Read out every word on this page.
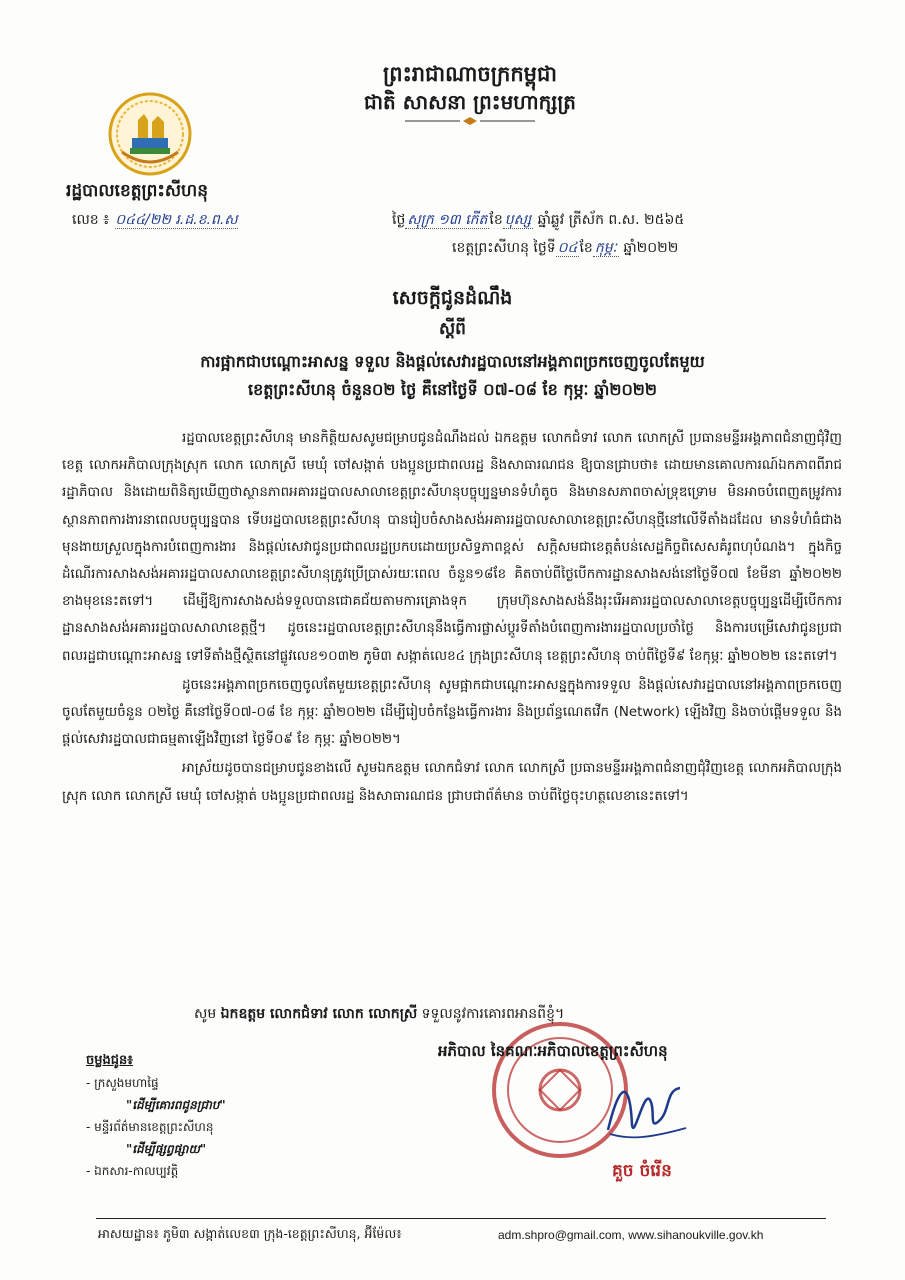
ព្រះរាជាណាចក្រកម្ពុជា
ជាតិ សាសនា ព្រះមហាក្សត្រ
រដ្ឋបាលខេត្តព្រះសីហនុ
លេខ ៖ ០៤៤/២២ រ.ដ.ខ.ព.ស	ថ្ងៃ សុក្រ ១៣ កើត ខែ បុស្ស ឆ្នាំឆ្លូវ ត្រីស័ក ព.ស. ២៥៦៥
ខេត្តព្រះសីហនុ ថ្ងៃទី ០៤ ខែ កុម្ភៈ ឆ្នាំ២០២២
សេចក្តីជូនដំណឹង
ស្តីពី
ការផ្អាកជាបណ្តោះអាសន្ន ទទួល និងផ្តល់សេវារដ្ឋបាលនៅអង្គភាពច្រកចេញចូលតែមួយ
ខេត្តព្រះសីហនុ ចំនួន០២ ថ្ងៃ គឺនៅថ្ងៃទី ០៧-០៨ ខែ កុម្ភៈ ឆ្នាំ២០២២

រដ្ឋបាលខេត្តព្រះសីហនុ មានកិត្តិយសសូមជម្រាបជូនដំណឹងដល់ ឯកឧត្តម លោកជំទាវ លោក លោកស្រី ប្រធានមន្ទីរអង្គភាពជំនាញជុំវិញខេត្ត លោកអភិបាលក្រុងស្រុក លោក លោកស្រី មេឃុំ ចៅសង្កាត់ បងប្អូនប្រជាពលរដ្ឋ និងសាធារណជន ឱ្យបានជ្រាបថា៖ ដោយមានគោលការណ៍ឯកភាពពីរាជរដ្ឋាភិបាល និងដោយពិនិត្យឃើញថាស្ថានភាពអគាររដ្ឋបាលសាលាខេត្តព្រះសីហនុបច្ចុប្បន្នមានទំហំតូច និងមានសភាពចាស់ទ្រុឌទ្រោម មិនអាចបំពេញតម្រូវការស្ថានភាពការងារនាពេលបច្ចុប្បន្នបាន ទើបរដ្ឋបាលខេត្តព្រះសីហនុ បានរៀបចំសាងសង់អគាររដ្ឋបាលសាលាខេត្តព្រះសីហនុថ្មីនៅលើទីតាំងដដែល មានទំហំធំជាងមុនងាយស្រួលក្នុងការបំពេញការងារ និងផ្តល់សេវាជូនប្រជាពលរដ្ឋប្រកបដោយប្រសិទ្ធភាពខ្ពស់ សក្តិសមជាខេត្តតំបន់សេដ្ឋកិច្ចពិសេសគំរូពហុបំណង។ ក្នុងកិច្ចដំណើរការសាងសង់អគាររដ្ឋបាលសាលាខេត្តព្រះសីហនុត្រូវប្រើប្រាស់រយៈពេល ចំនួន១៨ខែ គិតចាប់ពីថ្ងៃបើកការដ្ឋានសាងសង់នៅថ្ងៃទី០៧ ខែមីនា ឆ្នាំ២០២២ ខាងមុខនេះតទៅ។ ដើម្បីឱ្យការសាងសង់ទទួលបានជោគជ័យតាមការគ្រោងទុក ក្រុមហ៊ុនសាងសង់នឹងរុះរើអគាររដ្ឋបាលសាលាខេត្តបច្ចុប្បន្នដើម្បីបើកការដ្ឋានសាងសង់អគាររដ្ឋបាលសាលាខេត្តថ្មី។ ដូចនេះរដ្ឋបាលខេត្តព្រះសីហនុនឹងធ្វើការផ្លាស់ប្តូរទីតាំងបំពេញការងាររដ្ឋបាលប្រចាំថ្ងៃ និងការបម្រើសេវាជូនប្រជាពលរដ្ឋជាបណ្តោះអាសន្ន ទៅទីតាំងថ្មីស្ថិតនៅផ្លូវលេខ១០៣២ ភូមិ៣ សង្កាត់លេខ៤ ក្រុងព្រះសីហនុ ខេត្តព្រះសីហនុ ចាប់ពីថ្ងៃទី៩ ខែកុម្ភៈ ឆ្នាំ២០២២ នេះតទៅ។

ដូចនេះអង្គភាពច្រកចេញចូលតែមួយខេត្តព្រះសីហនុ សូមផ្អាកជាបណ្តោះអាសន្នក្នុងការទទួល និងផ្តល់សេវារដ្ឋបាលនៅអង្គភាពច្រកចេញចូលតែមួយចំនួន ០២ថ្ងៃ គឺនៅថ្ងៃទី០៧-០៨ ខែ កុម្ភៈ ឆ្នាំ២០២២ ដើម្បីរៀបចំកន្លែងធ្វើការងារ និងប្រព័ន្ធណេតវើក (Network) ឡើងវិញ និងចាប់ផ្តើមទទួល និង ផ្តល់សេវារដ្ឋបាលជាធម្មតាឡើងវិញនៅ ថ្ងៃទី០៩ ខែ កុម្ភៈ ឆ្នាំ២០២២។

អាស្រ័យដូចបានជម្រាបជូនខាងលើ សូមឯកឧត្តម លោកជំទាវ លោក លោកស្រី ប្រធានមន្ទីរអង្គភាពជំនាញជុំវិញខេត្ត លោកអភិបាលក្រុងស្រុក លោក លោកស្រី មេឃុំ ចៅសង្កាត់ បងប្អូនប្រជាពលរដ្ឋ និងសាធារណជន ជ្រាបជាព័ត៌មាន ចាប់ពីថ្ងៃចុះហត្ថលេខានេះតទៅ។

សូម ឯកឧត្តម លោកជំទាវ លោក លោកស្រី ទទួលនូវការគោរពអានពីខ្ញុំ។
អភិបាល នៃគណៈអភិបាលខេត្តព្រះសីហនុ
គួច ចំរើន
ចម្លងជូន៖
- ក្រសួងមហាផ្ទៃ
"ដើម្បីគោរពជូនជ្រាប"
- មន្ទីរព័ត៌មានខេត្តព្រះសីហនុ
"ដើម្បីផ្សព្វផ្សាយ"
- ឯកសារ-កាលប្បវត្តិ
អាសយដ្ឋាន៖ ភូមិ៣ សង្កាត់លេខ៣ ក្រុង-ខេត្តព្រះសីហនុ, អ៊ីម៉ែល៖	adm.shpro@gmail.com, www.sihanoukville.gov.kh
